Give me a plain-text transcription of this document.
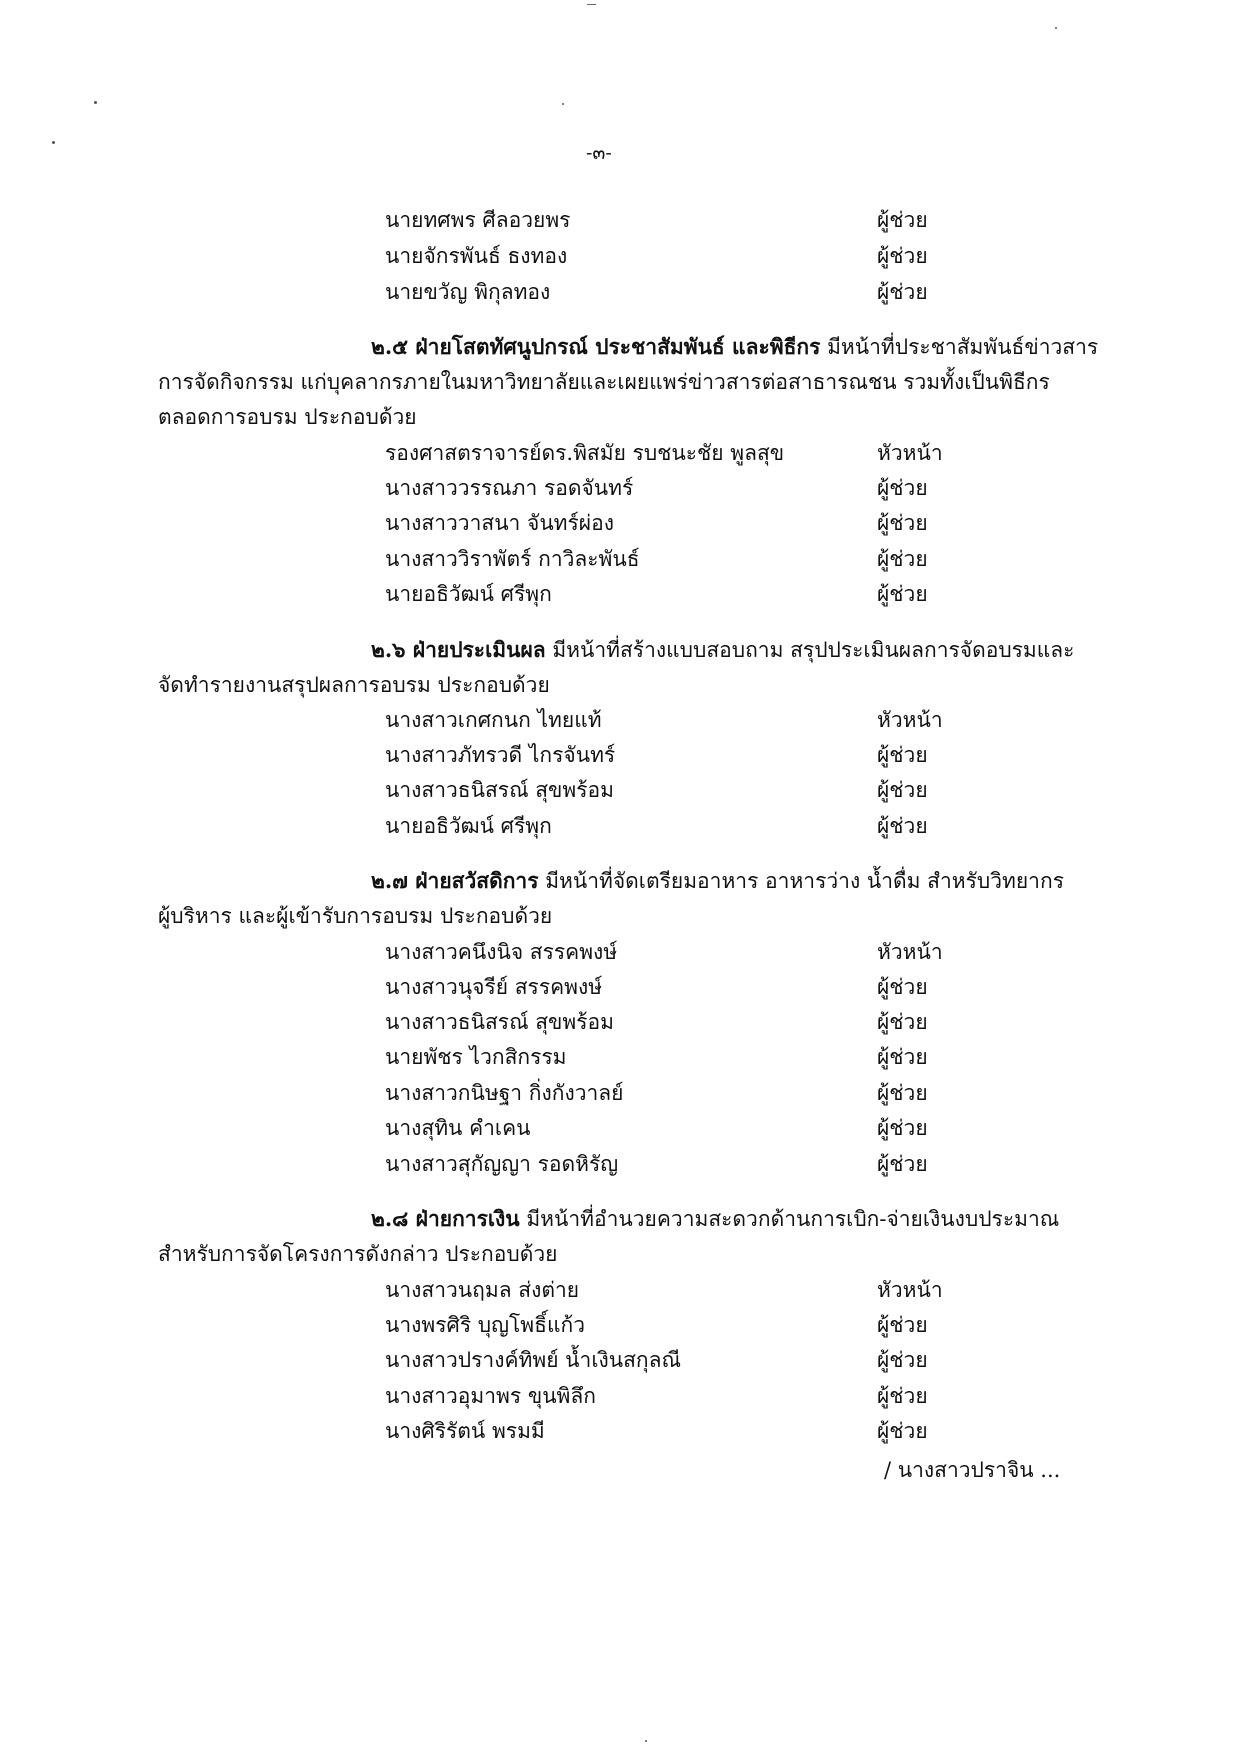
-๓-
นายทศพร ศีลอวยพร	ผู้ช่วย
นายจักรพันธ์ ธงทอง	ผู้ช่วย
นายขวัญ พิกุลทอง	ผู้ช่วย
๒.๕ ฝ่ายโสตทัศนูปกรณ์ ประชาสัมพันธ์ และพิธีกร มีหน้าที่ประชาสัมพันธ์ข่าวสาร
การจัดกิจกรรม แก่บุคลากรภายในมหาวิทยาลัยและเผยแพร่ข่าวสารต่อสาธารณชน รวมทั้งเป็นพิธีกร
ตลอดการอบรม ประกอบด้วย
รองศาสตราจารย์ดร.พิสมัย รบชนะชัย พูลสุข	หัวหน้า
นางสาววรรณภา รอดจันทร์	ผู้ช่วย
นางสาววาสนา จันทร์ผ่อง	ผู้ช่วย
นางสาววิราพัตร์ กาวิละพันธ์	ผู้ช่วย
นายอธิวัฒน์ ศรีพุก	ผู้ช่วย
๒.๖ ฝ่ายประเมินผล มีหน้าที่สร้างแบบสอบถาม สรุปประเมินผลการจัดอบรมและ
จัดทำรายงานสรุปผลการอบรม ประกอบด้วย
นางสาวเกศกนก ไทยแท้	หัวหน้า
นางสาวภัทรวดี ไกรจันทร์	ผู้ช่วย
นางสาวธนิสรณ์ สุขพร้อม	ผู้ช่วย
นายอธิวัฒน์ ศรีพุก	ผู้ช่วย
๒.๗ ฝ่ายสวัสดิการ มีหน้าที่จัดเตรียมอาหาร อาหารว่าง น้ำดื่ม สำหรับวิทยากร
ผู้บริหาร และผู้เข้ารับการอบรม ประกอบด้วย
นางสาวคนึงนิจ สรรคพงษ์	หัวหน้า
นางสาวนุจรีย์ สรรคพงษ์	ผู้ช่วย
นางสาวธนิสรณ์ สุขพร้อม	ผู้ช่วย
นายพัชร ไวกสิกรรม	ผู้ช่วย
นางสาวกนิษฐา กิ่งกังวาลย์	ผู้ช่วย
นางสุทิน คำเคน	ผู้ช่วย
นางสาวสุกัญญา รอดหิรัญ	ผู้ช่วย
๒.๘ ฝ่ายการเงิน มีหน้าที่อำนวยความสะดวกด้านการเบิก-จ่ายเงินงบประมาณ
สำหรับการจัดโครงการดังกล่าว ประกอบด้วย
นางสาวนฤมล ส่งต่าย	หัวหน้า
นางพรศิริ บุญโพธิ์แก้ว	ผู้ช่วย
นางสาวปรางค์ทิพย์ น้ำเงินสกุลณี	ผู้ช่วย
นางสาวอุมาพร ขุนพิลึก	ผู้ช่วย
นางศิริรัตน์ พรมมี	ผู้ช่วย
/ นางสาวปราจิน ...
